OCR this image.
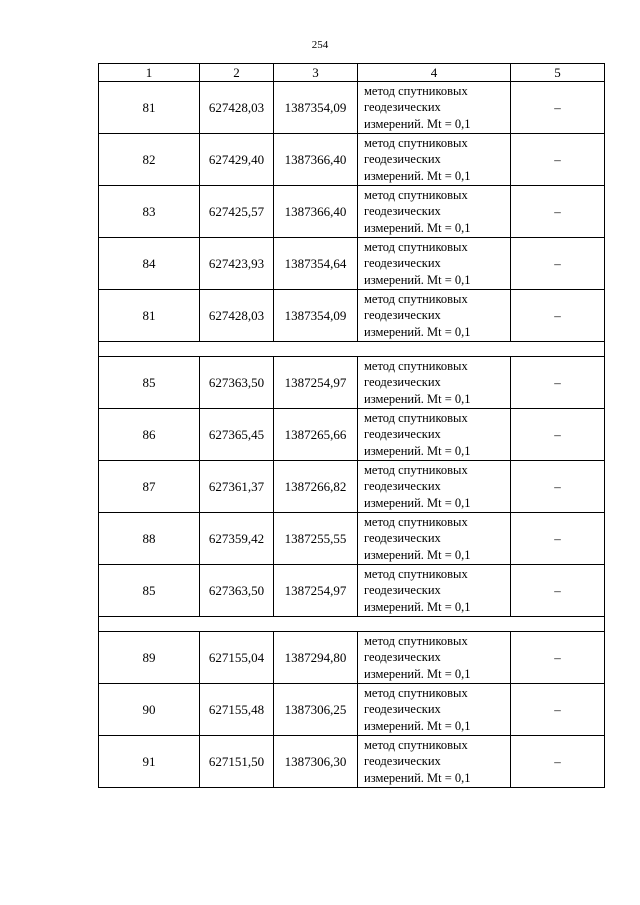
254
1	2	3	4	5
81	627428,03	1387354,09	метод спутниковых
геодезических
измерений. Mt = 0,1	–
82	627429,40	1387366,40	метод спутниковых
геодезических
измерений. Mt = 0,1	–
83	627425,57	1387366,40	метод спутниковых
геодезических
измерений. Mt = 0,1	–
84	627423,93	1387354,64	метод спутниковых
геодезических
измерений. Mt = 0,1	–
81	627428,03	1387354,09	метод спутниковых
геодезических
измерений. Mt = 0,1	–

85	627363,50	1387254,97	метод спутниковых
геодезических
измерений. Mt = 0,1	–
86	627365,45	1387265,66	метод спутниковых
геодезических
измерений. Mt = 0,1	–
87	627361,37	1387266,82	метод спутниковых
геодезических
измерений. Mt = 0,1	–
88	627359,42	1387255,55	метод спутниковых
геодезических
измерений. Mt = 0,1	–
85	627363,50	1387254,97	метод спутниковых
геодезических
измерений. Mt = 0,1	–

89	627155,04	1387294,80	метод спутниковых
геодезических
измерений. Mt = 0,1	–
90	627155,48	1387306,25	метод спутниковых
геодезических
измерений. Mt = 0,1	–
91	627151,50	1387306,30	метод спутниковых
геодезических
измерений. Mt = 0,1	–
